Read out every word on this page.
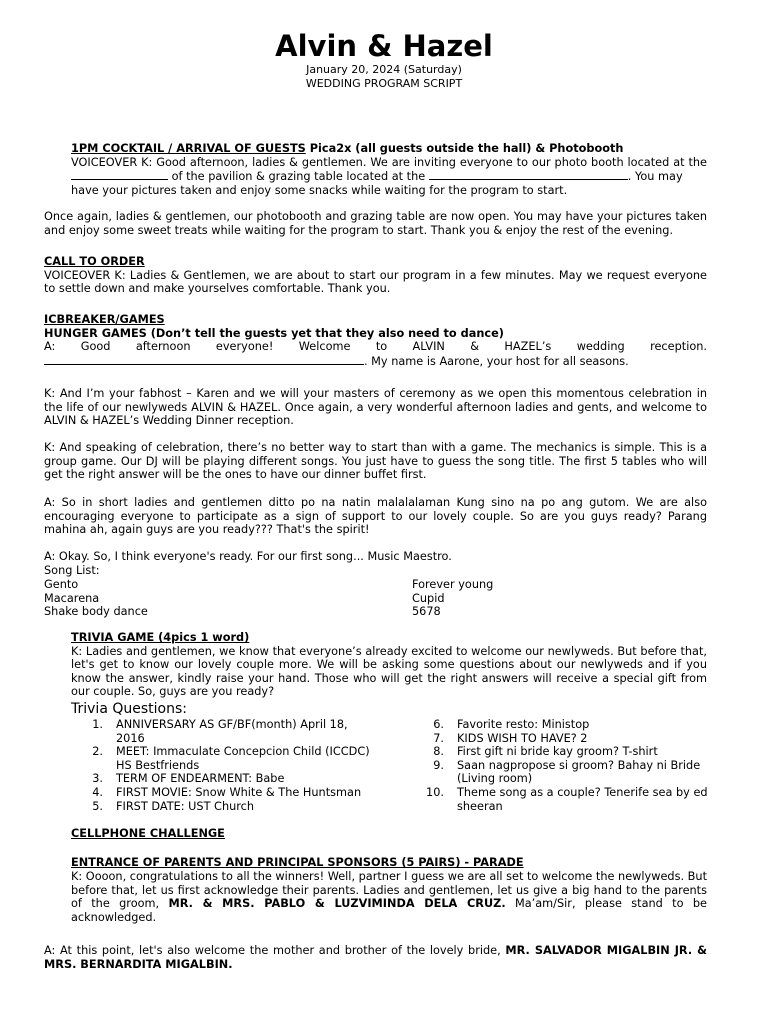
Alvin & Hazel
January 20, 2024 (Saturday)
WEDDING PROGRAM SCRIPT
1PM COCKTAIL / ARRIVAL OF GUESTS Pica2x (all guests outside the hall) & Photobooth
VOICEOVER K: Good afternoon, ladies & gentlemen. We are inviting everyone to our photo booth located at the
of the pavilion & grazing table located at the	. You may
have your pictures taken and enjoy some snacks while waiting for the program to start.
Once again, ladies & gentlemen, our photobooth and grazing table are now open. You may have your pictures taken and enjoy some sweet treats while waiting for the program to start. Thank you & enjoy the rest of the evening.
CALL TO ORDER
VOICEOVER K: Ladies & Gentlemen, we are about to start our program in a few minutes. May we request everyone to settle down and make yourselves comfortable. Thank you.
ICBREAKER/GAMES
HUNGER GAMES (Don’t tell the guests yet that they also need to dance)
A: Good afternoon everyone! Welcome to ALVIN & HAZEL’s wedding reception.
. My name is Aarone, your host for all seasons.
K: And I’m your fabhost – Karen and we will your masters of ceremony as we open this momentous celebration in the life of our newlyweds ALVIN & HAZEL. Once again, a very wonderful afternoon ladies and gents, and welcome to ALVIN & HAZEL’s Wedding Dinner reception.
K: And speaking of celebration, there’s no better way to start than with a game. The mechanics is simple. This is a group game. Our DJ will be playing different songs. You just have to guess the song title. The first 5 tables who will get the right answer will be the ones to have our dinner buffet first.
A: So in short ladies and gentlemen ditto po na natin malalalaman Kung sino na po ang gutom. We are also encouraging everyone to participate as a sign of support to our lovely couple. So are you guys ready? Parang mahina ah, again guys are you ready??? That's the spirit!
A: Okay. So, I think everyone's ready. For our first song... Music Maestro.
Song List:
Gento
Macarena
Shake body dance
Forever young
Cupid
5678
TRIVIA GAME (4pics 1 word)
K: Ladies and gentlemen, we know that everyone’s already excited to welcome our newlyweds. But before that, let's get to know our lovely couple more. We will be asking some questions about our newlyweds and if you know the answer, kindly raise your hand. Those who will get the right answers will receive a special gift from our couple. So, guys are you ready?
Trivia Questions:
1. ANNIVERSARY AS GF/BF(month) April 18, 2016
2. MEET: Immaculate Concepcion Child (ICCDC) HS Bestfriends
3. TERM OF ENDEARMENT: Babe
4. FIRST MOVIE: Snow White & The Huntsman
5. FIRST DATE: UST Church
6. Favorite resto: Ministop
7. KIDS WISH TO HAVE? 2
8. First gift ni bride kay groom? T-shirt
9. Saan nagpropose si groom? Bahay ni Bride (Living room)
10. Theme song as a couple? Tenerife sea by ed sheeran
CELLPHONE CHALLENGE
ENTRANCE OF PARENTS AND PRINCIPAL SPONSORS (5 PAIRS) - PARADE
K: Oooon, congratulations to all the winners! Well, partner I guess we are all set to welcome the newlyweds. But before that, let us first acknowledge their parents. Ladies and gentlemen, let us give a big hand to the parents of the groom, MR. & MRS. PABLO & LUZVIMINDA DELA CRUZ. Ma’am/Sir, please stand to be acknowledged.
A: At this point, let's also welcome the mother and brother of the lovely bride, MR. SALVADOR MIGALBIN JR. & MRS. BERNARDITA MIGALBIN.
